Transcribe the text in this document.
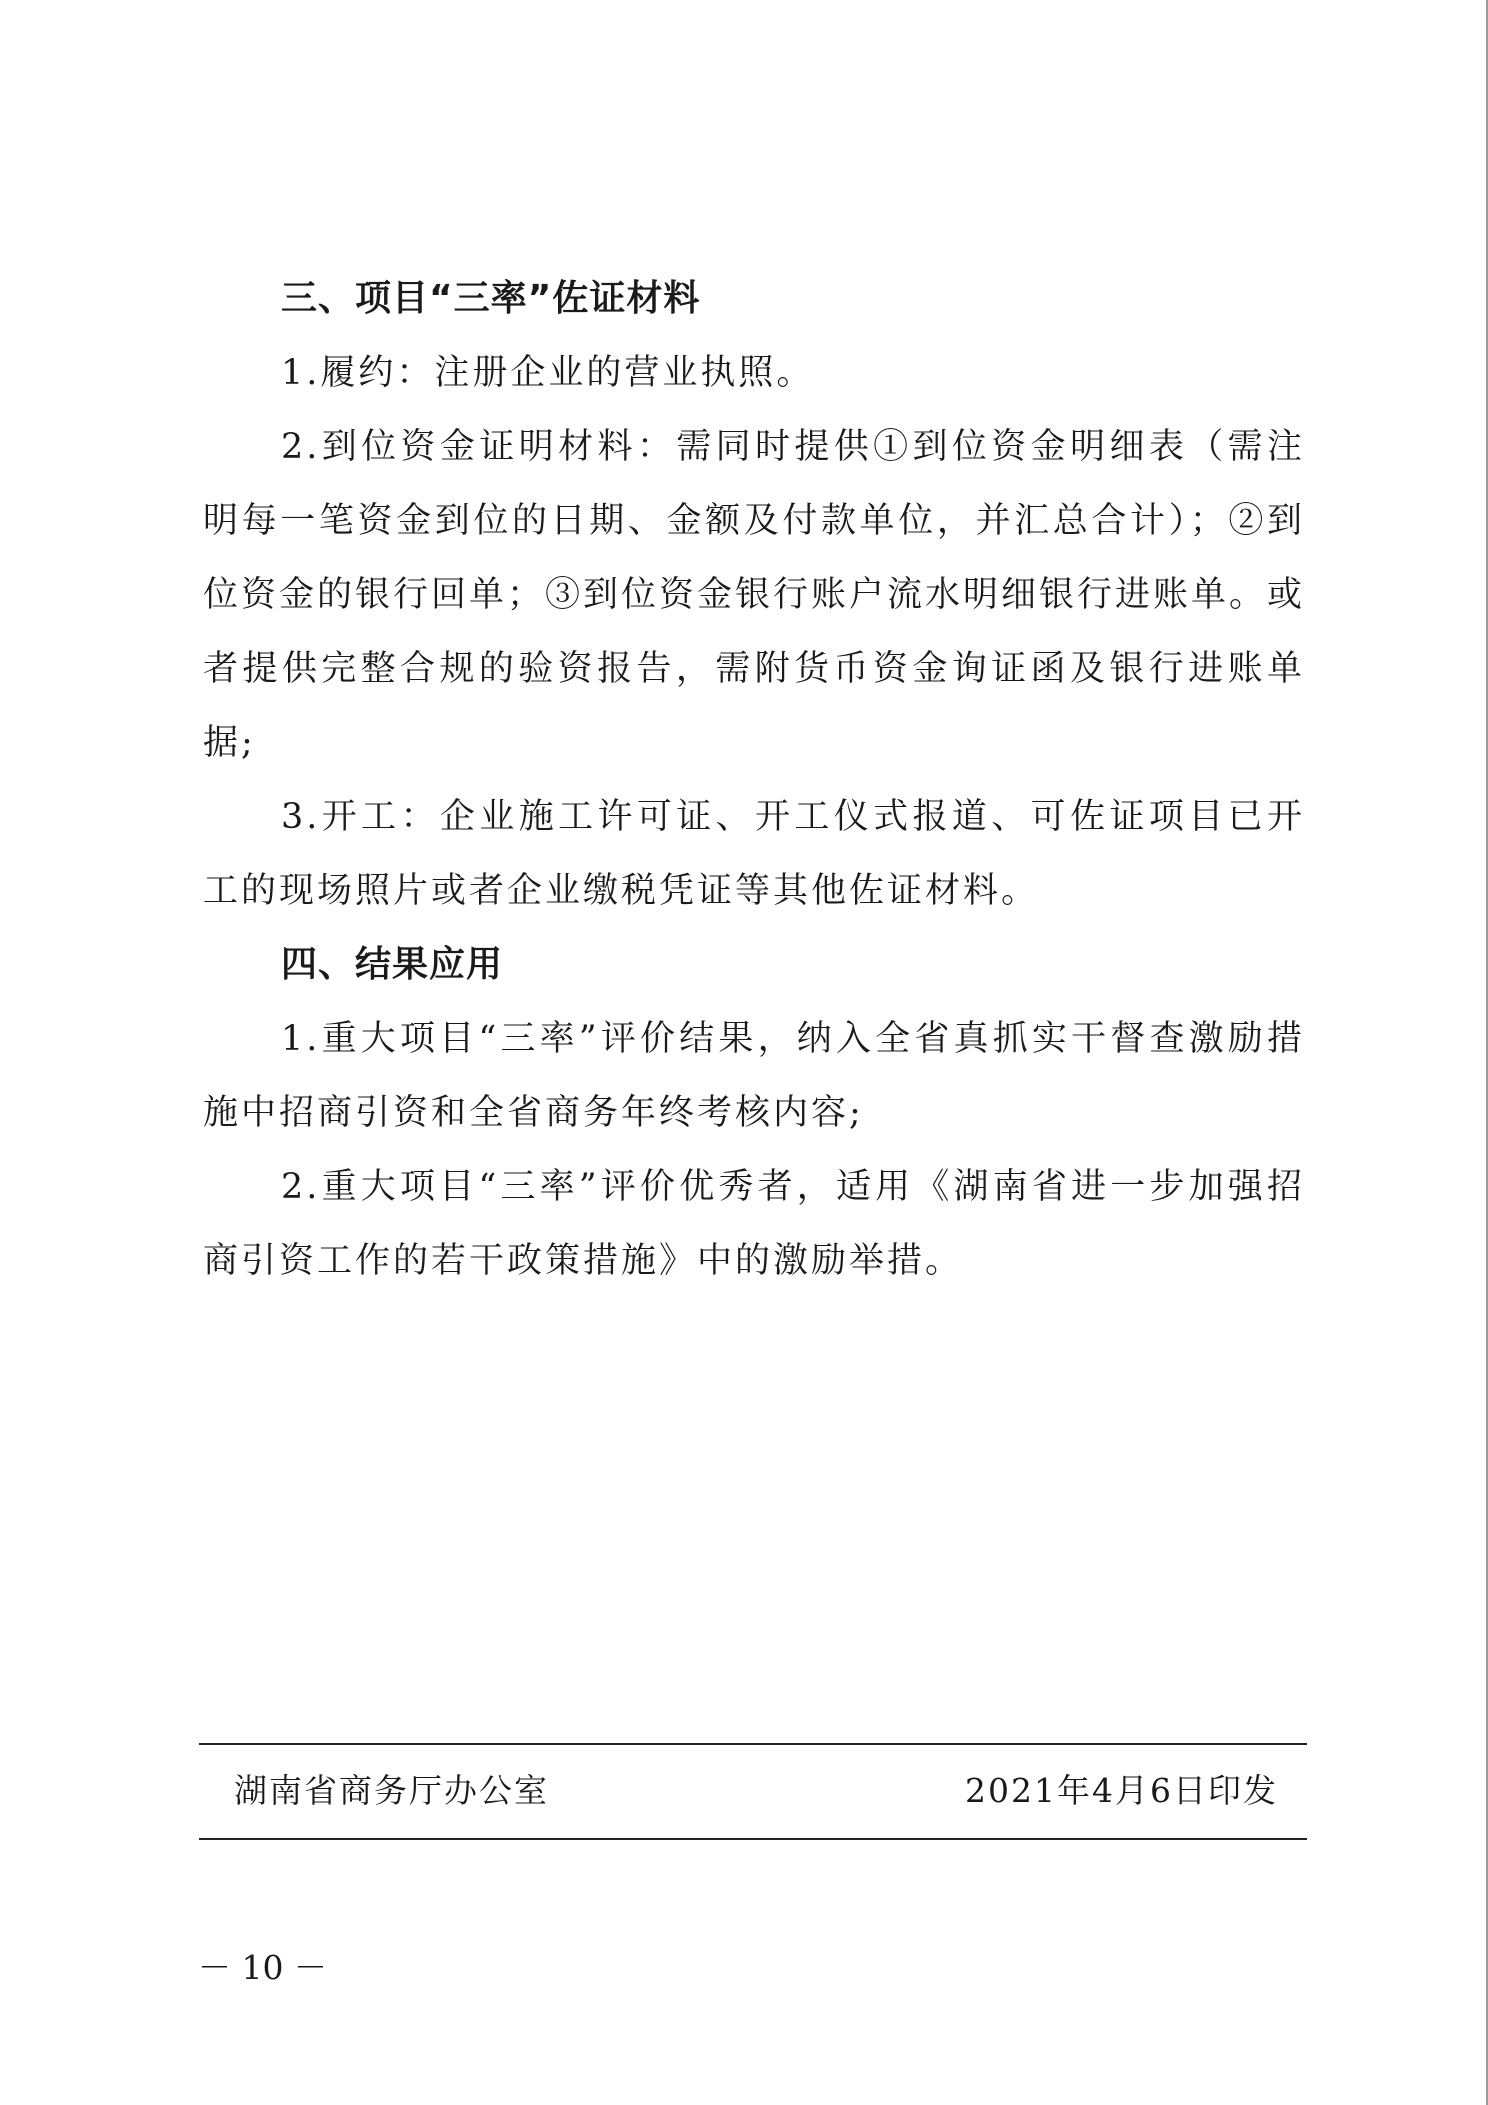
三、项目“三率”佐证材料

1.履约：注册企业的营业执照。

2.到位资金证明材料：需同时提供①到位资金明细表（需注明每一笔资金到位的日期、金额及付款单位，并汇总合计）；②到位资金的银行回单；③到位资金银行账户流水明细银行进账单。或者提供完整合规的验资报告，需附货币资金询证函及银行进账单据;

3.开工：企业施工许可证、开工仪式报道、可佐证项目已开工的现场照片或者企业缴税凭证等其他佐证材料。

四、结果应用

1.重大项目“三率”评价结果，纳入全省真抓实干督查激励措施中招商引资和全省商务年终考核内容;

2.重大项目“三率”评价优秀者，适用《湖南省进一步加强招商引资工作的若干政策措施》中的激励举措。

湖南省商务厅办公室	2021年4月6日印发
－ 10 －
